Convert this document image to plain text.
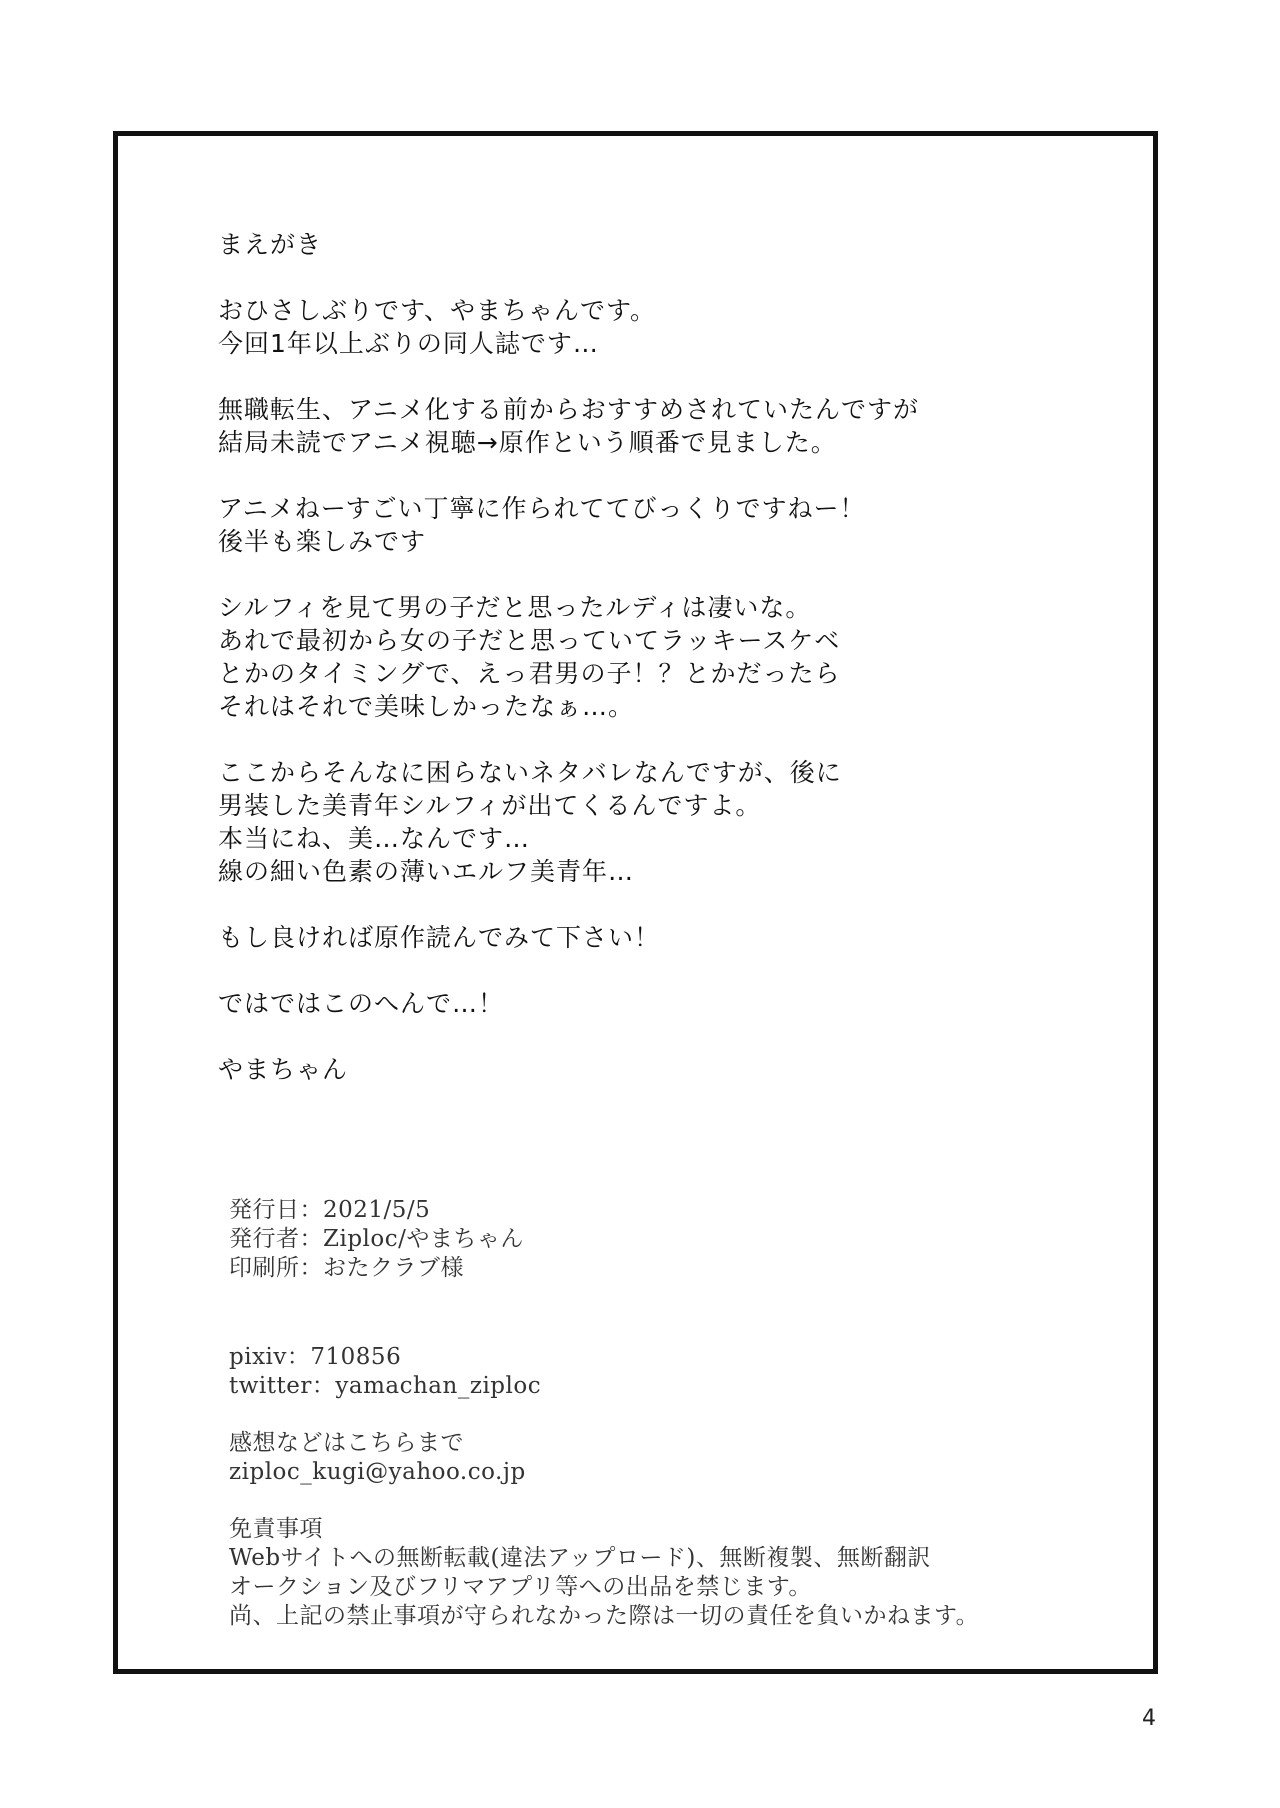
まえがき
おひさしぶりです、やまちゃんです。
今回1年以上ぶりの同人誌です…
無職転生、アニメ化する前からおすすめされていたんですが
結局未読でアニメ視聴→原作という順番で見ました。
アニメねーすごい丁寧に作られててびっくりですねー！
後半も楽しみです
シルフィを見て男の子だと思ったルディは凄いな。
あれで最初から女の子だと思っていてラッキースケベ
とかのタイミングで、えっ君男の子！？とかだったら
それはそれで美味しかったなぁ…。
ここからそんなに困らないネタバレなんですが、後に
男装した美青年シルフィが出てくるんですよ。
本当にね、美…なんです…
線の細い色素の薄いエルフ美青年…
もし良ければ原作読んでみて下さい！
ではではこのへんで…！
やまちゃん
発行日：2021/5/5
発行者：Ziploc/やまちゃん
印刷所：おたクラブ様
pixiv：710856
twitter：yamachan_ziploc
感想などはこちらまで
ziploc_kugi@yahoo.co.jp
免責事項
Webサイトへの無断転載(違法アップロード)、無断複製、無断翻訳
オークション及びフリマアプリ等への出品を禁じます。
尚、上記の禁止事項が守られなかった際は一切の責任を負いかねます。
4
